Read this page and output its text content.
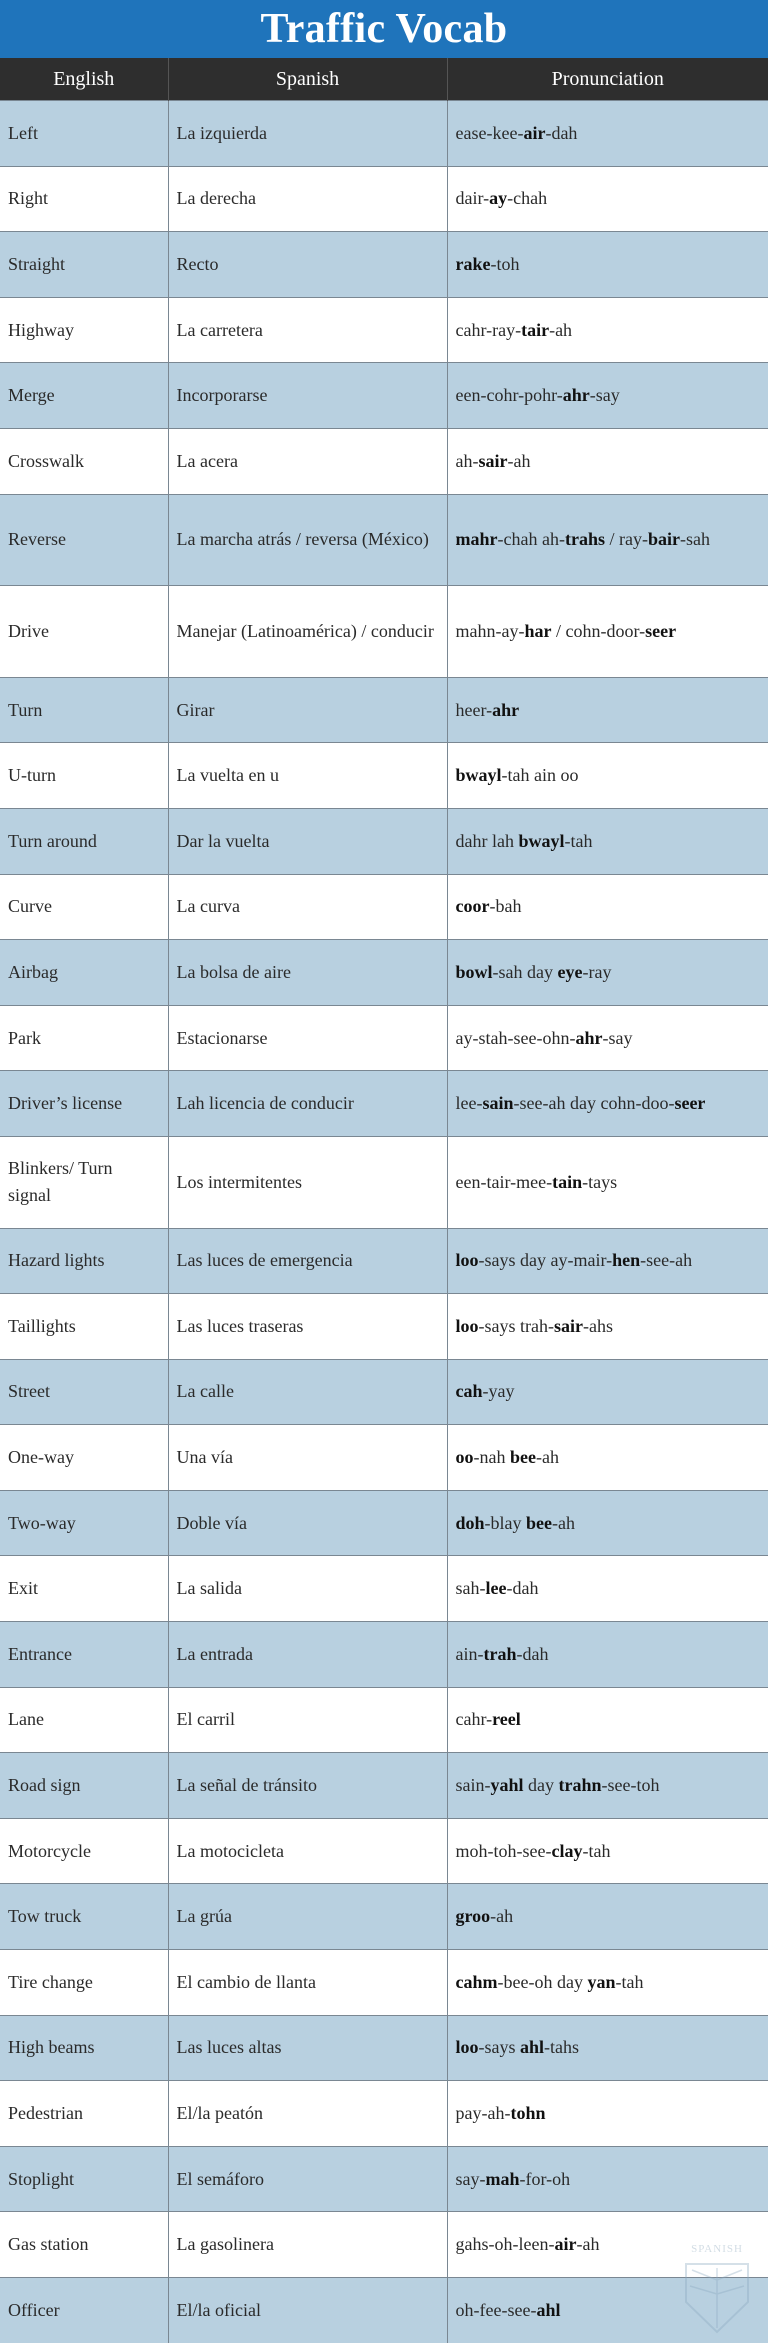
Traffic Vocab
English	Spanish	Pronunciation
Left	La izquierda	ease-kee-air-dah
Right	La derecha	dair-ay-chah
Straight	Recto	rake-toh
Highway	La carretera	cahr-ray-tair-ah
Merge	Incorporarse	een-cohr-pohr-ahr-say
Crosswalk	La acera	ah-sair-ah
Reverse	La marcha atrás / reversa (México)	mahr-chah ah-trahs / ray-bair-sah
Drive	Manejar (Latinoamérica) / conducir	mahn-ay-har / cohn-door-seer
Turn	Girar	heer-ahr
U-turn	La vuelta en u	bwayl-tah ain oo
Turn around	Dar la vuelta	dahr lah bwayl-tah
Curve	La curva	coor-bah
Airbag	La bolsa de aire	bowl-sah day eye-ray
Park	Estacionarse	ay-stah-see-ohn-ahr-say
Driver’s license	Lah licencia de conducir	lee-sain-see-ah day cohn-doo-seer
Blinkers/ Turn signal	Los intermitentes	een-tair-mee-tain-tays
Hazard lights	Las luces de emergencia	loo-says day ay-mair-hen-see-ah
Taillights	Las luces traseras	loo-says trah-sair-ahs
Street	La calle	cah-yay
One-way	Una vía	oo-nah bee-ah
Two-way	Doble vía	doh-blay bee-ah
Exit	La salida	sah-lee-dah
Entrance	La entrada	ain-trah-dah
Lane	El carril	cahr-reel
Road sign	La señal de tránsito	sain-yahl day trahn-see-toh
Motorcycle	La motocicleta	moh-toh-see-clay-tah
Tow truck	La grúa	groo-ah
Tire change	El cambio de llanta	cahm-bee-oh day yan-tah
High beams	Las luces altas	loo-says ahl-tahs
Pedestrian	El/la peatón	pay-ah-tohn
Stoplight	El semáforo	say-mah-for-oh
Gas station	La gasolinera	gahs-oh-leen-air-ah
Officer	El/la oficial	oh-fee-see-ahl
SPANISH
